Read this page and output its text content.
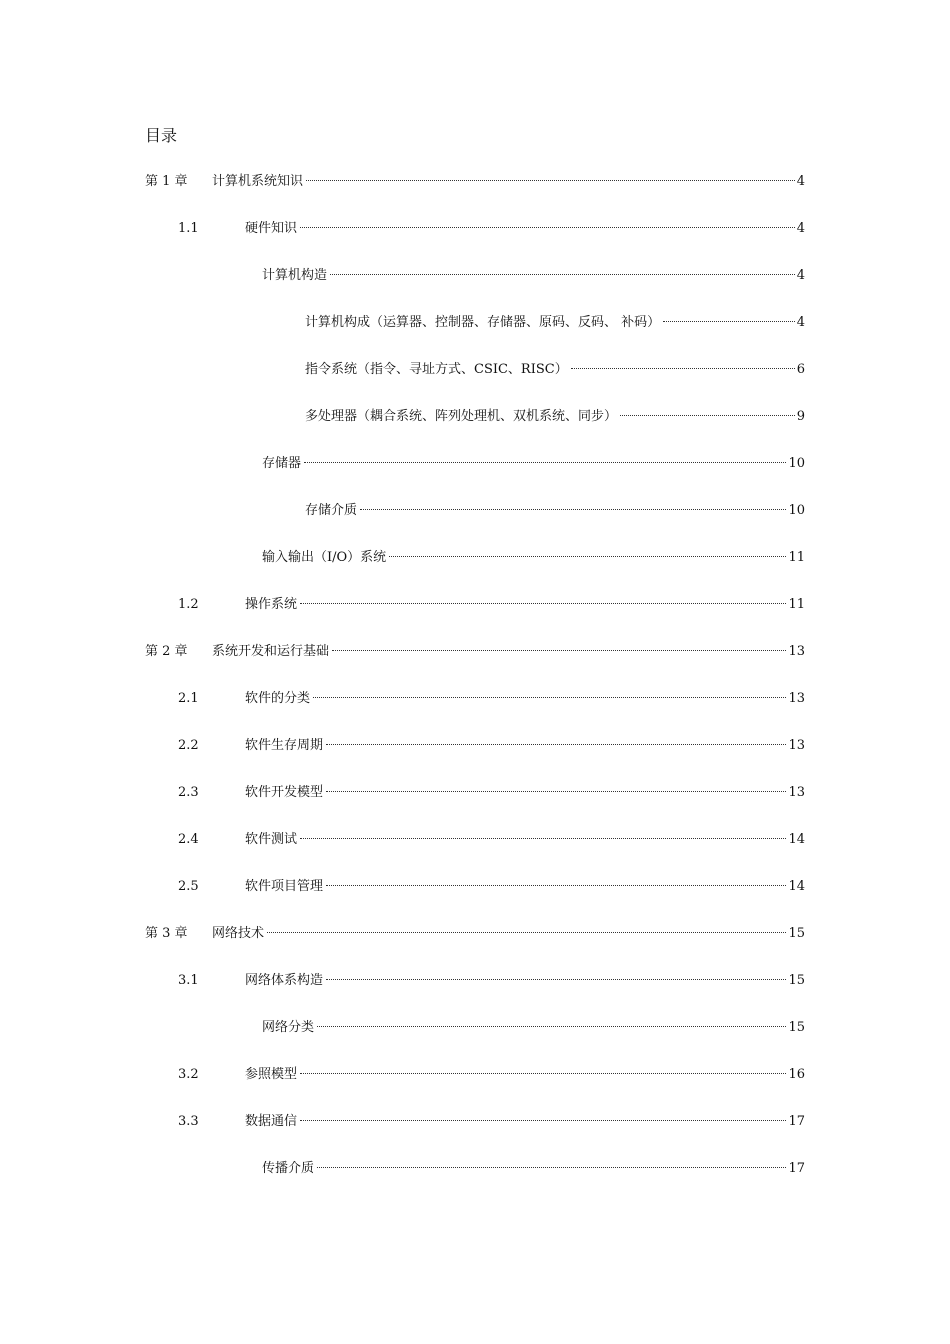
目录
第 1 章 计算机系统知识	4
1.1	硬件知识	4
计算机构造	4
计算机构成（运算器、控制器、存储器、原码、反码、 补码）	4
指令系统（指令、寻址方式、CSIC、RISC）	6
多处理器（耦合系统、阵列处理机、双机系统、同步）	9
存储器	10
存储介质	10
输入输出（I/O）系统	11
1.2	操作系统	11
第 2 章 系统开发和运行基础	13
2.1	软件的分类	13
2.2	软件生存周期	13
2.3	软件开发模型	13
2.4	软件测试	14
2.5	软件项目管理	14
第 3 章 网络技术	15
3.1	网络体系构造	15
网络分类	15
3.2	参照模型	16
3.3	数据通信	17
传播介质	17
